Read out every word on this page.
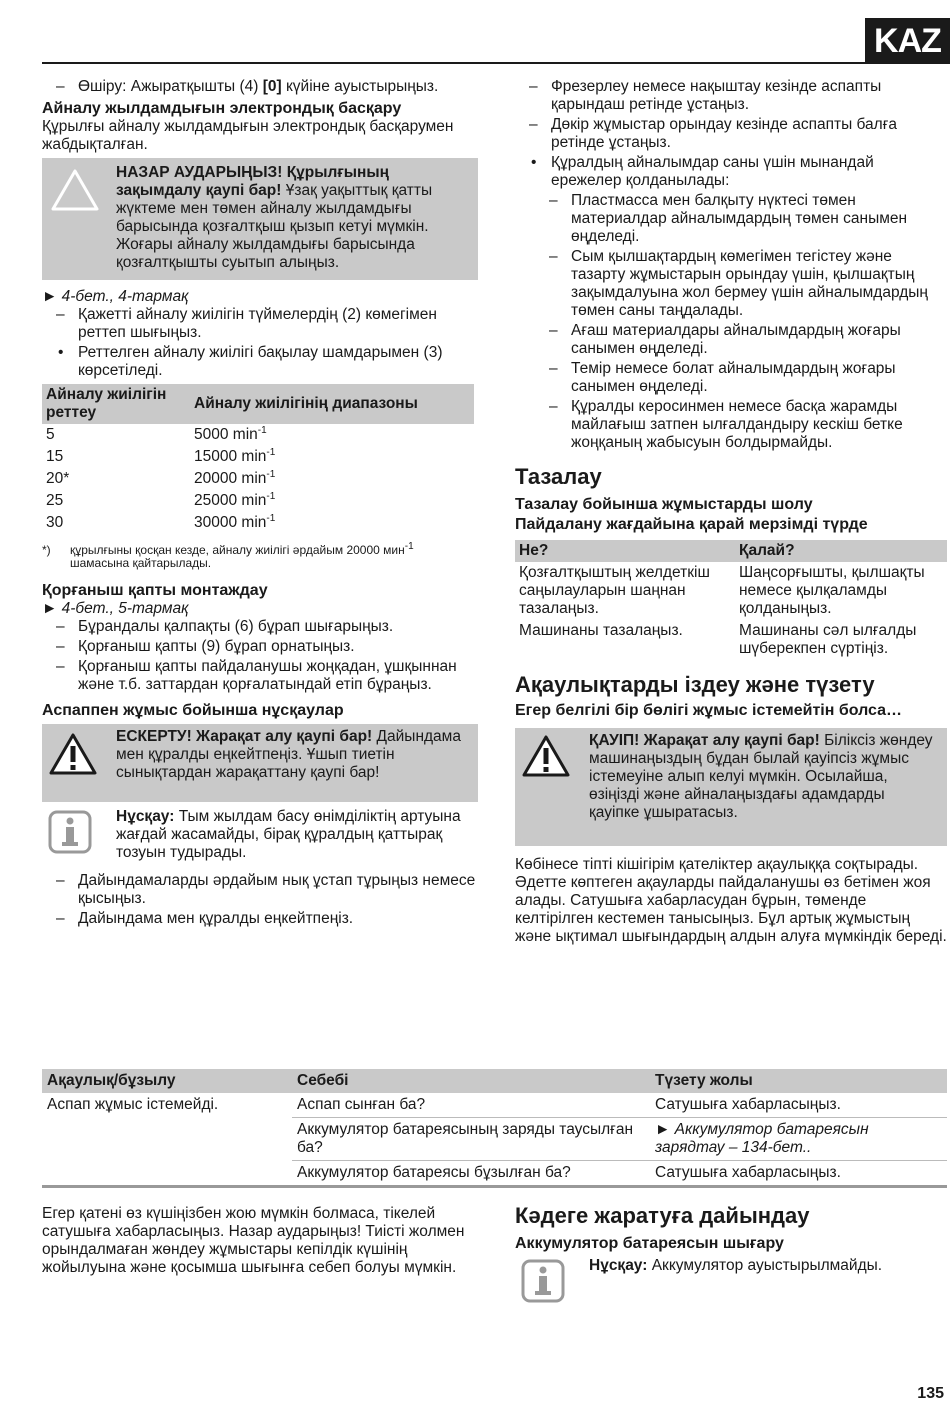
KAZ
– Өшіру: Ажыратқышты (4) [0] күйіне ауыстырыңыз.
Айналу жылдамдығын электрондық басқару
Құрылғы айналу жылдамдығын электрондық басқарумен жабдықталған.
НАЗАР АУДАРЫҢЫЗ! Құрылғының зақымдалу қаупі бар! Ұзақ уақыттық қатты жүктеме мен төмен айналу жылдамдығы барысында қозғалтқыш қызып кетуі мүмкін. Жоғары айналу жылдамдығы барысында қозғалтқышты суытып алыңыз.
► 4-бет., 4-тармақ
– Қажетті айналу жиілігін түймелердің (2) көмегімен реттеп шығыңыз.
• Реттелген айналу жиілігі бақылау шамдарымен (3) көрсетіледі.
Айналу жиілігін реттеу	Айналу жиілігінің диапазоны
5	5000 $\min^{-1}$
15	15000 $\min^{-1}$
20*	20000 $\min^{-1}$
25	25000 $\min^{-1}$
30	30000 $\min^{-1}$
*) құрылғыны қосқан кезде, айналу жиілігі әрдайым 20000 мин$^{-1}$
шамасына қайтарылады.
Қорғаныш қапты монтаждау
► 4-бет., 5-тармақ
– Бұрандалы қалпақты (6) бұрап шығарыңыз.
– Қорғаныш қапты (9) бұрап орнатыңыз.
– Қорғаныш қапты пайдаланушы жоңқадан, ұшқыннан және т.б. заттардан қорғалатындай етіп бұраңыз.
Аспаппен жұмыс бойынша нұсқаулар
ЕСКЕРТУ! Жарақат алу қаупі бар! Дайындама мен құралды еңкейтпеңіз. Ұшып тиетін сынықтардан жарақаттану қаупі бар!
Нұсқау: Тым жылдам басу өнімділіктің артуына жағдай жасамайды, бірақ құралдың қаттырақ тозуын тудырады.
– Дайындамаларды әрдайым нық ұстап тұрыңыз немесе қысыңыз.
– Дайындама мен құралды еңкейтпеңіз.
– Фрезерлеу немесе нақыштау кезінде аспапты қарындаш ретінде ұстаңыз.
– Дөкір жұмыстар орындау кезінде аспапты балға ретінде ұстаңыз.
• Құралдың айналымдар саны үшін мынандай ережелер қолданылады:
– Пластмасса мен балқыту нүктесі төмен материалдар айналымдардың төмен санымен өңделеді.
– Сым қылшақтардың көмегімен тегістеу және тазарту жұмыстарын орындау үшін, қылшақтың зақымдалуына жол бермеу үшін айналымдардың төмен саны таңдалады.
– Ағаш материалдары айналымдардың жоғары санымен өңделеді.
– Темір немесе болат айналымдардың жоғары санымен өңделеді.
– Құралды керосинмен немесе басқа жарамды майлағыш затпен ылғалдандыру кескіш бетке жоңқаның жабысуын болдырмайды.
Тазалау
Тазалау бойынша жұмыстарды шолу
Пайдалану жағдайына қарай мерзімді түрде
Не?	Қалай?
Қозғалтқыштың желдеткіш саңылауларын шаңнан тазалаңыз.	Шаңсорғышты, қылшақты немесе қылқаламды қолданыңыз.
Машинаны тазалаңыз.	Машинаны сәл ылғалды шүберекпен сүртіңіз.
Ақаулықтарды іздеу және түзету
Егер белгілі бір бөлігі жұмыс істемейтін болса…
ҚАУІП! Жарақат алу қаупі бар! Біліксіз жөндеу машинаңыздың бұдан былай қауіпсіз жұмыс істемеуіне алып келуі мүмкін. Осылайша, өзіңізді және айналаңыздағы адамдарды қауіпке ұшыратасыз.
Көбінесе тіпті кішігірім қателіктер ақаулыққа соқтырады. Әдетте көптеген ақауларды пайдаланушы өз бетімен жоя алады. Сатушыға хабарласудан бұрын, төменде келтірілген кестемен танысыңыз. Бұл артық жұмыстың және ықтимал шығындардың алдын алуға мүмкіндік береді.
Ақаулық/бұзылу	Себебі	Түзету жолы
Аспап жұмыс істемейді.	Аспап сынған ба?	Сатушыға хабарласыңыз.
	Аккумулятор батареясының заряды таусылған ба?	► Аккумулятор батареясын зарядтау – 134-бет..
	Аккумулятор батареясы бұзылған ба?	Сатушыға хабарласыңыз.
Егер қатені өз күшіңізбен жою мүмкін болмаса, тікелей сатушыға хабарласыңыз. Назар аударыңыз! Тиісті жолмен орындалмаған жөндеу жұмыстары кепілдік күшінің жойылуына және қосымша шығынға себеп болуы мүмкін.
Кәдеге жаратуға дайындау
Аккумулятор батареясын шығару
Нұсқау: Аккумулятор ауыстырылмайды.
135
